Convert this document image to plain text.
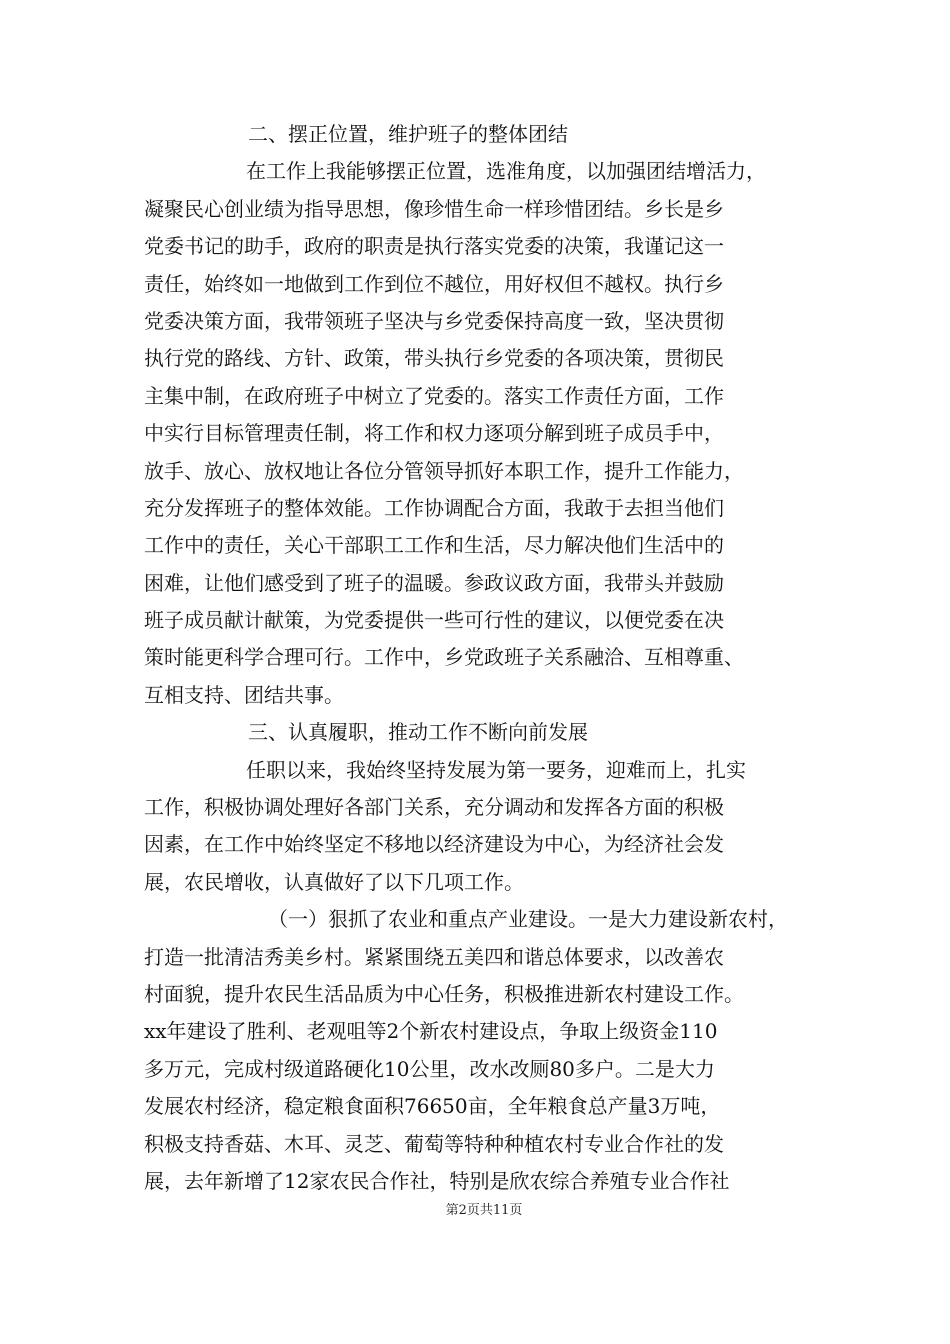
二、摆正位置，维护班子的整体团结
在工作上我能够摆正位置，选准角度，以加强团结增活力，
凝聚民心创业绩为指导思想，像珍惜生命一样珍惜团结。乡长是乡
党委书记的助手，政府的职责是执行落实党委的决策，我谨记这一
责任，始终如一地做到工作到位不越位，用好权但不越权。执行乡
党委决策方面，我带领班子坚决与乡党委保持高度一致，坚决贯彻
执行党的路线、方针、政策，带头执行乡党委的各项决策，贯彻民
主集中制，在政府班子中树立了党委的。落实工作责任方面，工作
中实行目标管理责任制，将工作和权力逐项分解到班子成员手中，
放手、放心、放权地让各位分管领导抓好本职工作，提升工作能力，
充分发挥班子的整体效能。工作协调配合方面，我敢于去担当他们
工作中的责任，关心干部职工工作和生活，尽力解决他们生活中的
困难，让他们感受到了班子的温暖。参政议政方面，我带头并鼓励
班子成员献计献策，为党委提供一些可行性的建议，以便党委在决
策时能更科学合理可行。工作中，乡党政班子关系融洽、互相尊重、
互相支持、团结共事。
三、认真履职，推动工作不断向前发展
任职以来，我始终坚持发展为第一要务，迎难而上，扎实
工作，积极协调处理好各部门关系，充分调动和发挥各方面的积极
因素，在工作中始终坚定不移地以经济建设为中心，为经济社会发
展，农民增收，认真做好了以下几项工作。
（一）狠抓了农业和重点产业建设。一是大力建设新农村，
打造一批清洁秀美乡村。紧紧围绕五美四和谐总体要求，以改善农
村面貌，提升农民生活品质为中心任务，积极推进新农村建设工作。
xx年建设了胜利、老观咀等2个新农村建设点，争取上级资金110
多万元，完成村级道路硬化10公里，改水改厕80多户。二是大力
发展农村经济，稳定粮食面积76650亩，全年粮食总产量3万吨，
积极支持香菇、木耳、灵芝、葡萄等特种种植农村专业合作社的发
展，去年新增了12家农民合作社，特别是欣农综合养殖专业合作社
第2页共11页
